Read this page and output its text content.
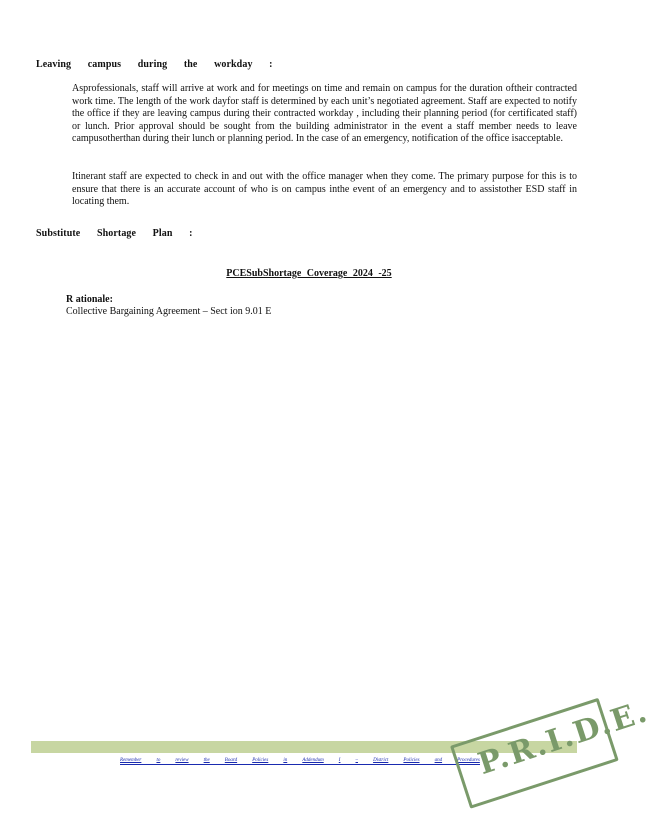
Leaving campus during the workday :

Asprofessionals, staff will arrive at work and for meetings on time and remain on campus for the duration oftheir contracted work time. The length of the work dayfor staff is determined by each unit’s negotiated agreement. Staff are expected to notify the office if they are leaving campus during their contracted workday , including their planning period (for certificated staff) or lunch. Prior approval should be sought from the building administrator in the event a staff member needs to leave campusotherthan during their lunch or planning period. In the case of an emergency, notification of the office isacceptable.

Itinerant staff are expected to check in and out with the office manager when they come. The primary purpose for this is to ensure that there is an accurate account of who is on campus inthe event of an emergency and to assistother ESD staff in locating them.

Substitute Shortage Plan :
PCESubShortage Coverage 2024 -25
R ationale:
Collective Bargaining Agreement – Sect ion 9.01 E
Remember	to	review	the	Board	Policies	in	Addendum	I	–	District	Policies	and	Procedures
P.R.I.D.E.
